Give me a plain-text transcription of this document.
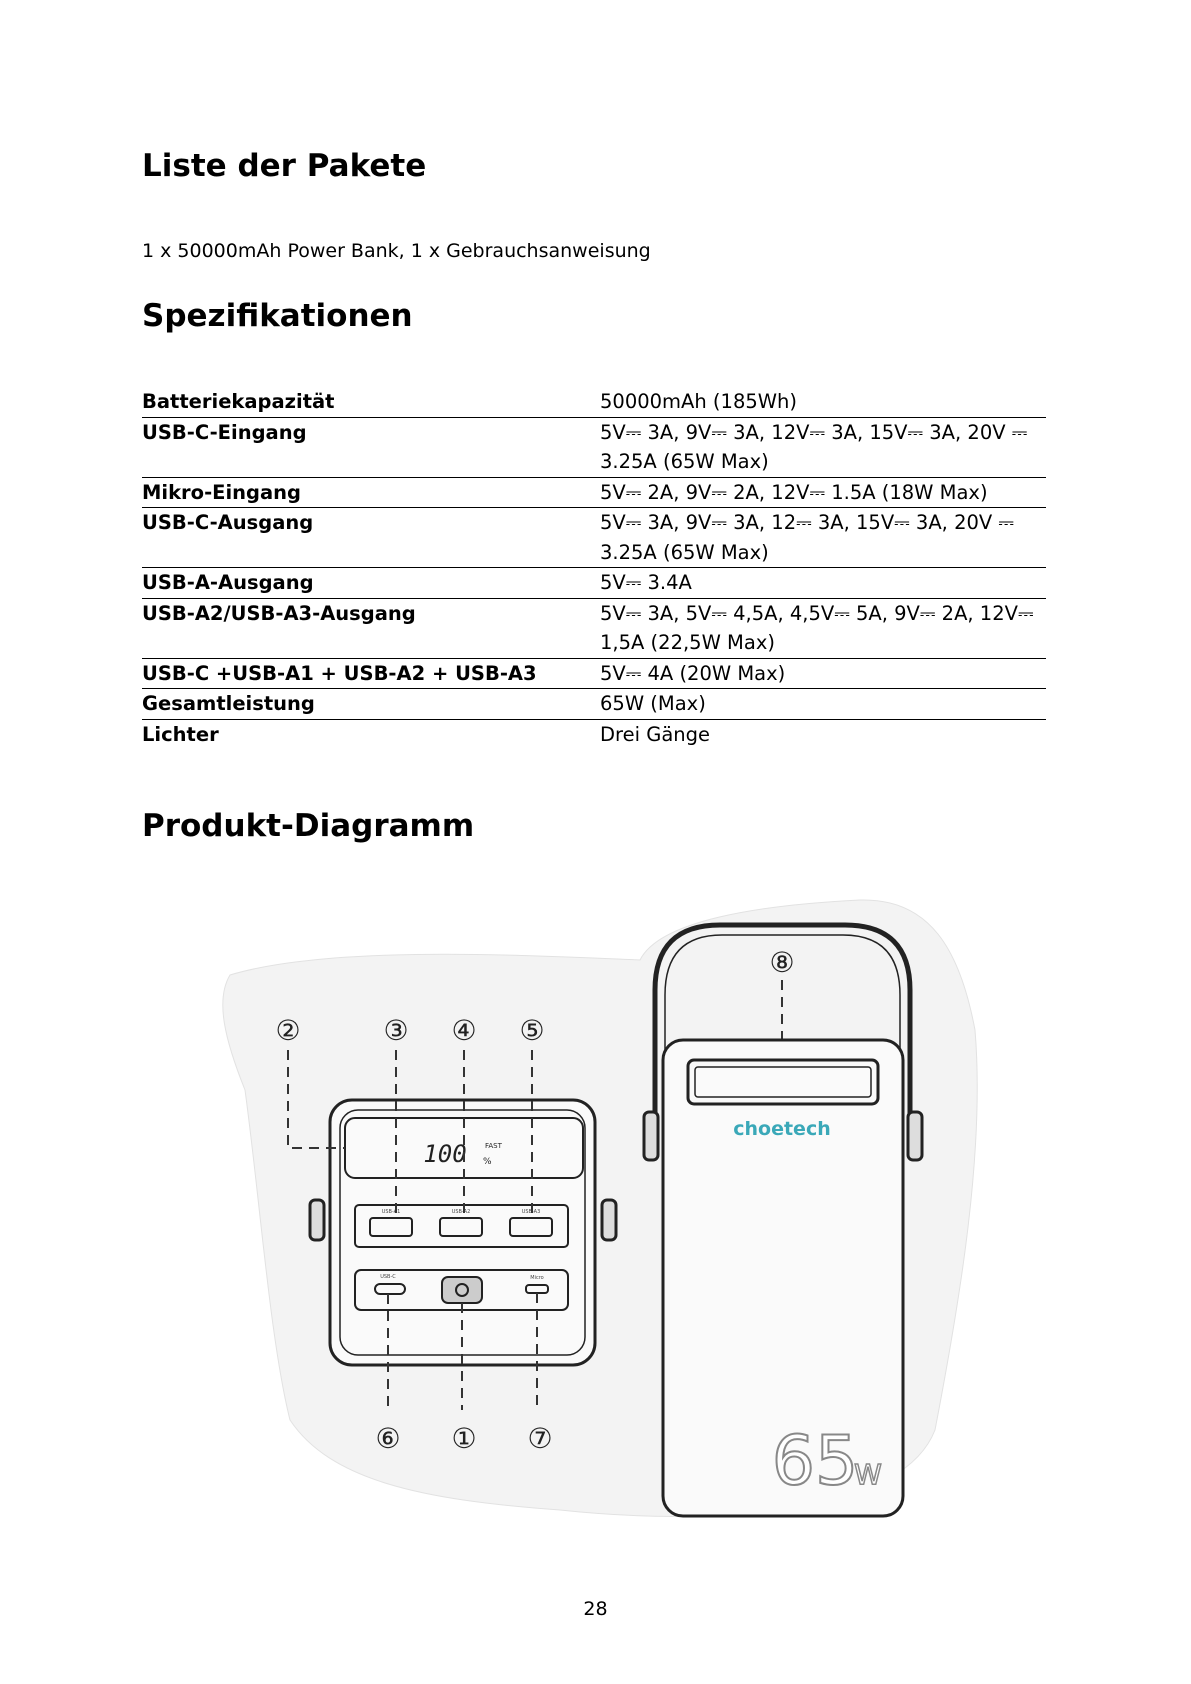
Liste der Pakete
1 x 50000mAh Power Bank, 1 x Gebrauchsanweisung
Spezifikationen
Batteriekapazität	50000mAh (185Wh)
USB-C-Eingang	5V⎓ 3A, 9V⎓ 3A, 12V⎓ 3A, 15V⎓ 3A, 20V ⎓ 3.25A (65W Max)
Mikro-Eingang	5V⎓ 2A, 9V⎓ 2A, 12V⎓ 1.5A (18W Max)
USB-C-Ausgang	5V⎓ 3A, 9V⎓ 3A, 12⎓ 3A, 15V⎓ 3A, 20V ⎓ 3.25A (65W Max)
USB-A-Ausgang	5V⎓ 3.4A
USB-A2/USB-A3-Ausgang	5V⎓ 3A, 5V⎓ 4,5A, 4,5V⎓ 5A, 9V⎓ 2A, 12V⎓ 1,5A (22,5W Max)
USB-C +USB-A1 + USB-A2 + USB-A3	5V⎓ 4A (20W Max)
Gesamtleistung	65W (Max)
Lichter	Drei Gänge
Produkt-Diagramm
100	FAST
%
USB-A1	USB-A2	USB-A3
USB-C	Micro
②	③ ④ ⑤
⑥ ① ⑦
⑧
choetech
65
W
28
